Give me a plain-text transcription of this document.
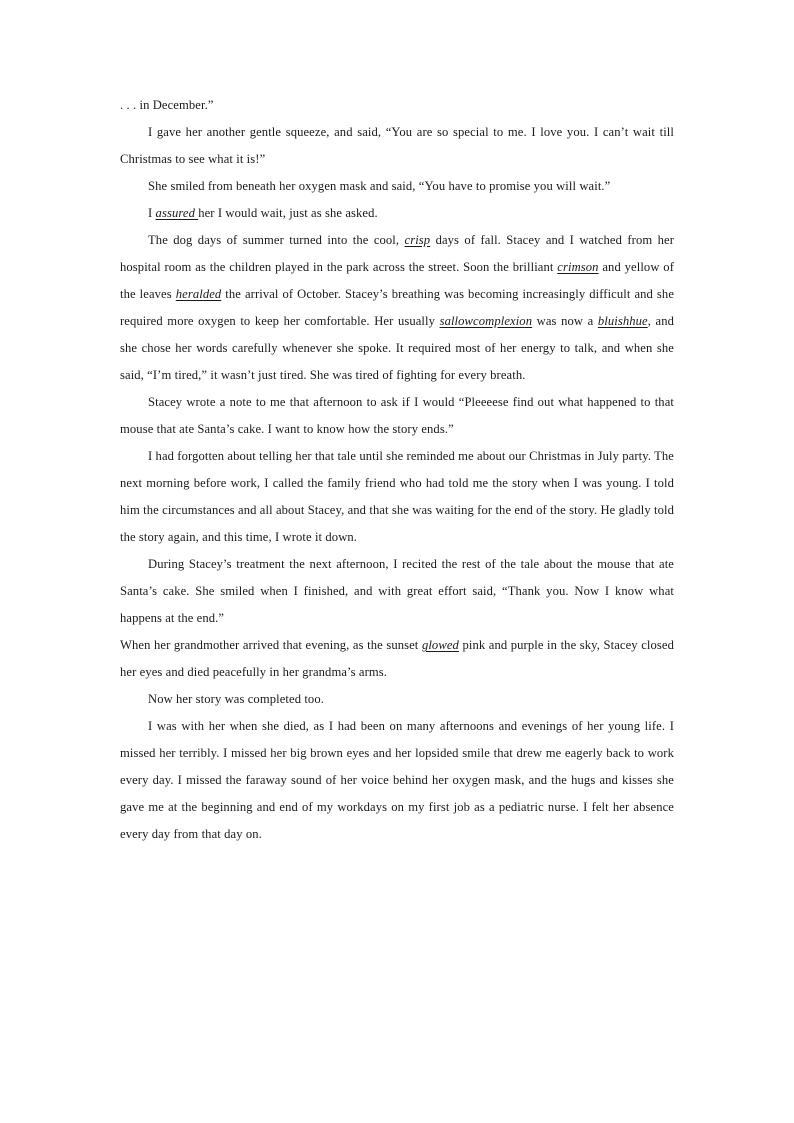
. . . in December.”

I gave her another gentle squeeze, and said, “You are so special to me. I love you. I can’t wait till Christmas to see what it is!”

She smiled from beneath her oxygen mask and said, “You have to promise you will wait.”

I assured her I would wait, just as she asked.

The dog days of summer turned into the cool, crisp days of fall. Stacey and I watched from her hospital room as the children played in the park across the street. Soon the brilliant crimson and yellow of the leaves heralded the arrival of October. Stacey’s breathing was becoming increasingly difficult and she required more oxygen to keep her comfortable. Her usually sallowcomplexion was now a bluishhue, and she chose her words carefully whenever she spoke. It required most of her energy to talk, and when she said, “I’m tired,” it wasn’t just tired. She was tired of fighting for every breath.

Stacey wrote a note to me that afternoon to ask if I would “Pleeeese find out what happened to that mouse that ate Santa’s cake. I want to know how the story ends.”

I had forgotten about telling her that tale until she reminded me about our Christmas in July party. The next morning before work, I called the family friend who had told me the story when I was young. I told him the circumstances and all about Stacey, and that she was waiting for the end of the story. He gladly told the story again, and this time, I wrote it down.

During Stacey’s treatment the next afternoon, I recited the rest of the tale about the mouse that ate Santa’s cake. She smiled when I finished, and with great effort said, “Thank you. Now I know what happens at the end.”

When her grandmother arrived that evening, as the sunset glowed pink and purple in the sky, Stacey closed her eyes and died peacefully in her grandma’s arms.

Now her story was completed too.

I was with her when she died, as I had been on many afternoons and evenings of her young life. I missed her terribly. I missed her big brown eyes and her lopsided smile that drew me eagerly back to work every day. I missed the faraway sound of her voice behind her oxygen mask, and the hugs and kisses she gave me at the beginning and end of my workdays on my first job as a pediatric nurse. I felt her absence every day from that day on.
